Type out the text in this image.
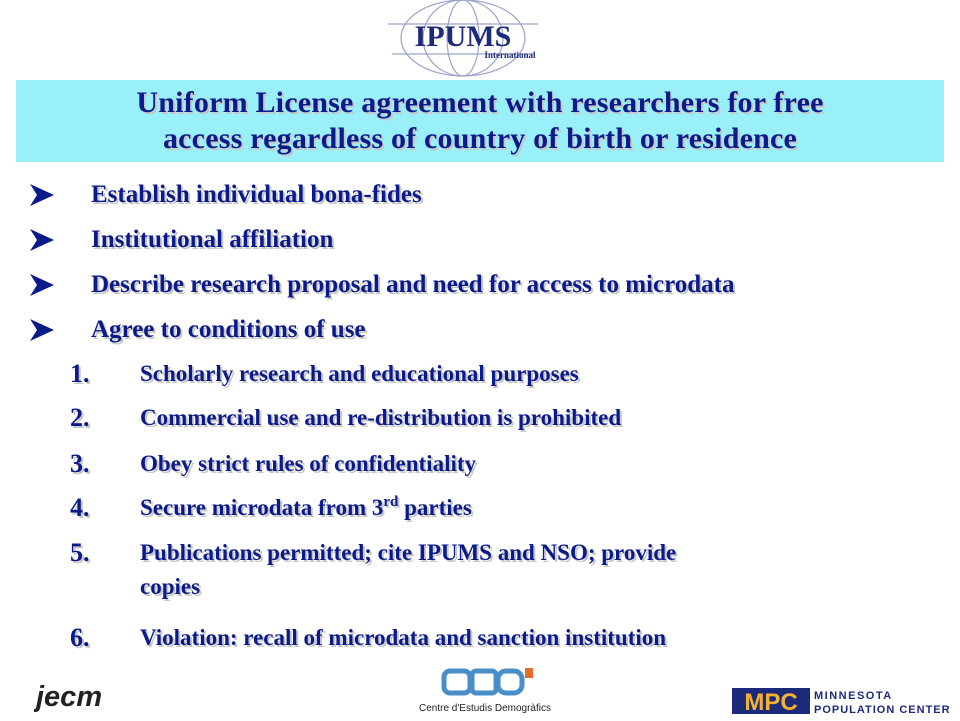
IPUMS
International
Uniform License agreement with researchers for free
access regardless of country of birth or residence
Establish individual bona-fides
Institutional affiliation
Describe research proposal and need for access to microdata
Agree to conditions of use
1. Scholarly research and educational purposes
2. Commercial use and re-distribution is prohibited
3. Obey strict rules of confidentiality
4. Secure microdata from 3rd parties
5. Publications permitted; cite IPUMS and NSO; provide
copies
6. Violation: recall of microdata and sanction institution
jecm	Centre d'Estudis Demogràfics	MPC MINNESOTA
POPULATION CENTER
